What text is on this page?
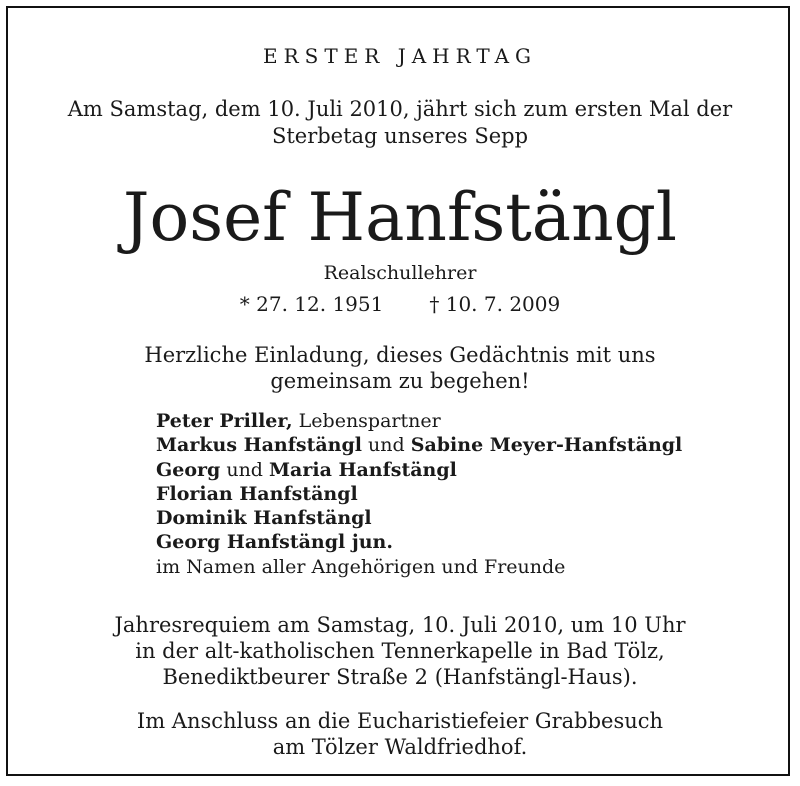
ERSTER JAHRTAG
Am Samstag, dem 10. Juli 2010, jährt sich zum ersten Mal der
Sterbetag unseres Sepp
Josef Hanfstängl
Realschullehrer
* 27. 12. 1951 † 10. 7. 2009
Herzliche Einladung, dieses Gedächtnis mit uns
gemeinsam zu begehen!
Peter Priller, Lebenspartner
Markus Hanfstängl und Sabine Meyer-Hanfstängl
Georg und Maria Hanfstängl
Florian Hanfstängl
Dominik Hanfstängl
Georg Hanfstängl jun.
im Namen aller Angehörigen und Freunde
Jahresrequiem am Samstag, 10. Juli 2010, um 10 Uhr
in der alt-katholischen Tennerkapelle in Bad Tölz,
Benediktbeurer Straße 2 (Hanfstängl-Haus).
Im Anschluss an die Eucharistiefeier Grabbesuch
am Tölzer Waldfriedhof.
